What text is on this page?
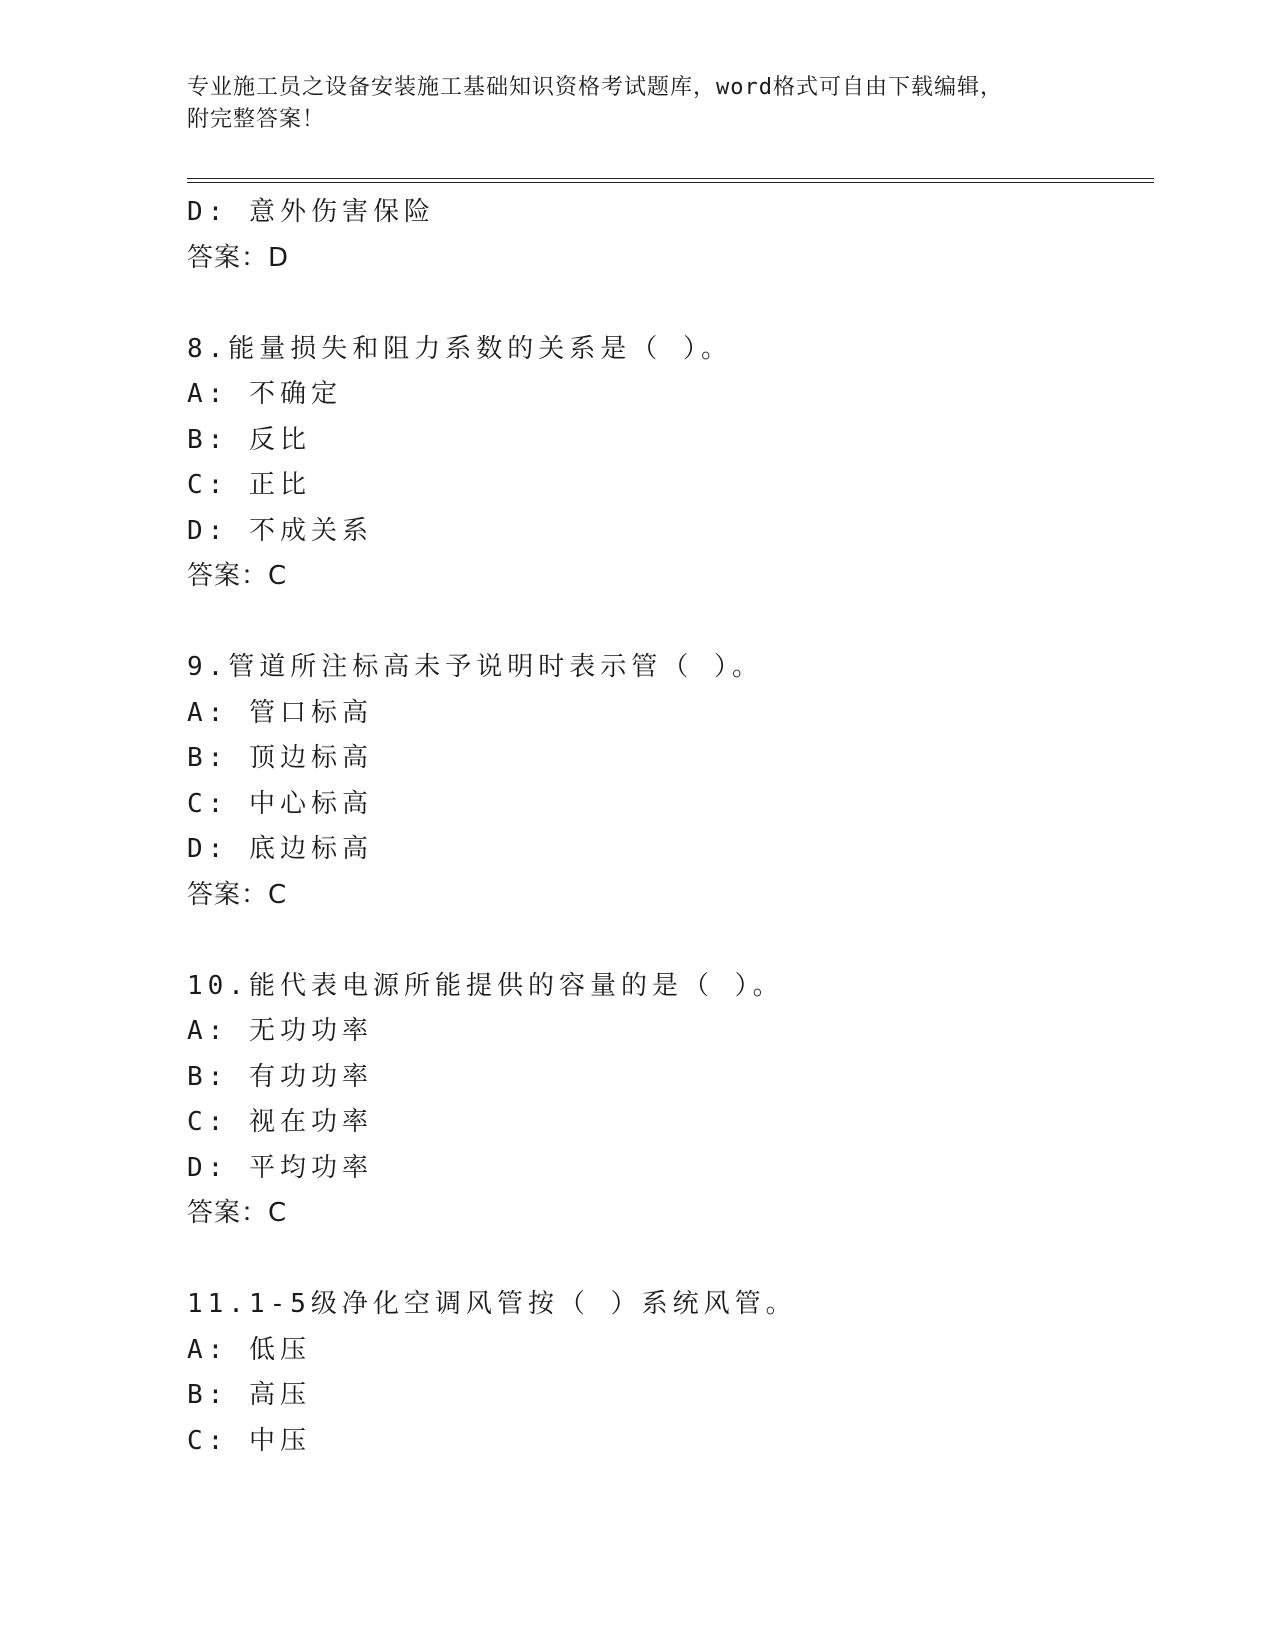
专业施工员之设备安装施工基础知识资格考试题库，word格式可自由下载编辑，
附完整答案！
D: 意外伤害保险
答案：D
8.能量损失和阻力系数的关系是（ ）。
A: 不确定
B: 反比
C: 正比
D: 不成关系
答案：C
9.管道所注标高未予说明时表示管（ ）。
A: 管口标高
B: 顶边标高
C: 中心标高
D: 底边标高
答案：C
10.能代表电源所能提供的容量的是（ ）。
A: 无功功率
B: 有功功率
C: 视在功率
D: 平均功率
答案：C
11.1-5级净化空调风管按（ ）系统风管。
A: 低压
B: 高压
C: 中压
